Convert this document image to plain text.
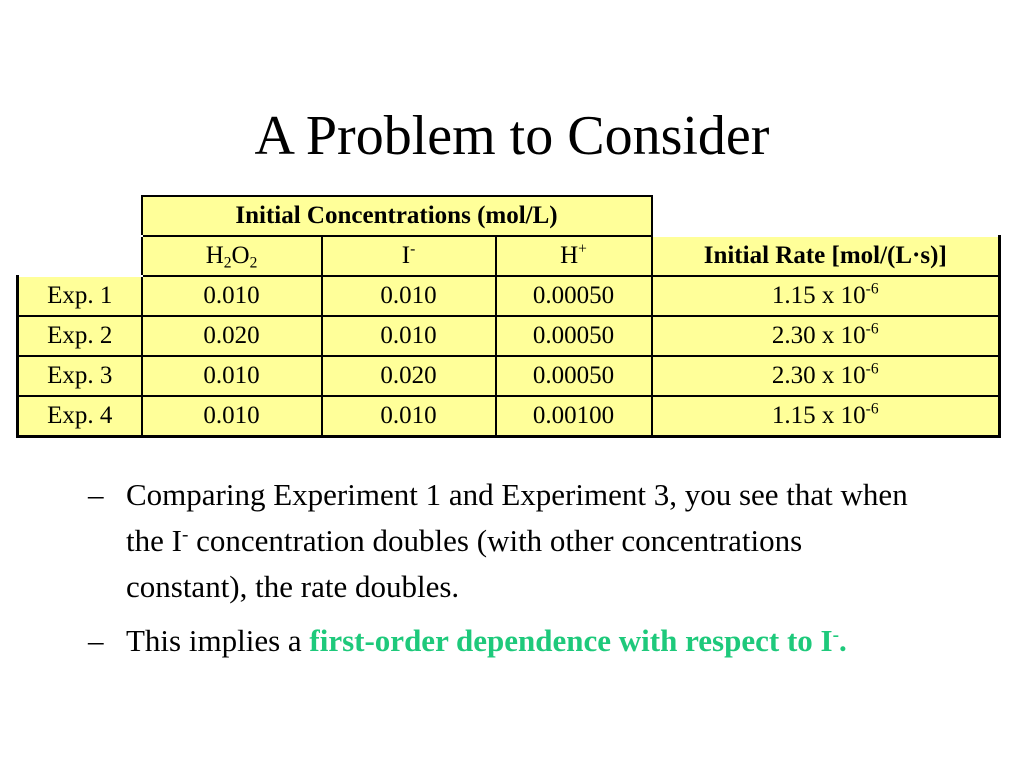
A Problem to Consider
	Initial Concentrations (mol/L)			
	$H_2O_2$	I-	H+	Initial Rate [mol/(L·s)]
Exp. 1	0.010	0.010	0.00050	1.15 x $10^{-6}$
Exp. 2	0.020	0.010	0.00050	2.30 x $10^{-6}$
Exp. 3	0.010	0.020	0.00050	2.30 x $10^{-6}$
Exp. 4	0.010	0.010	0.00100	1.15 x $10^{-6}$
– Comparing Experiment 1 and Experiment 3, you see that when the I- concentration doubles (with other concentrations constant), the rate doubles.
– This implies a first-order dependence with respect to I-.
